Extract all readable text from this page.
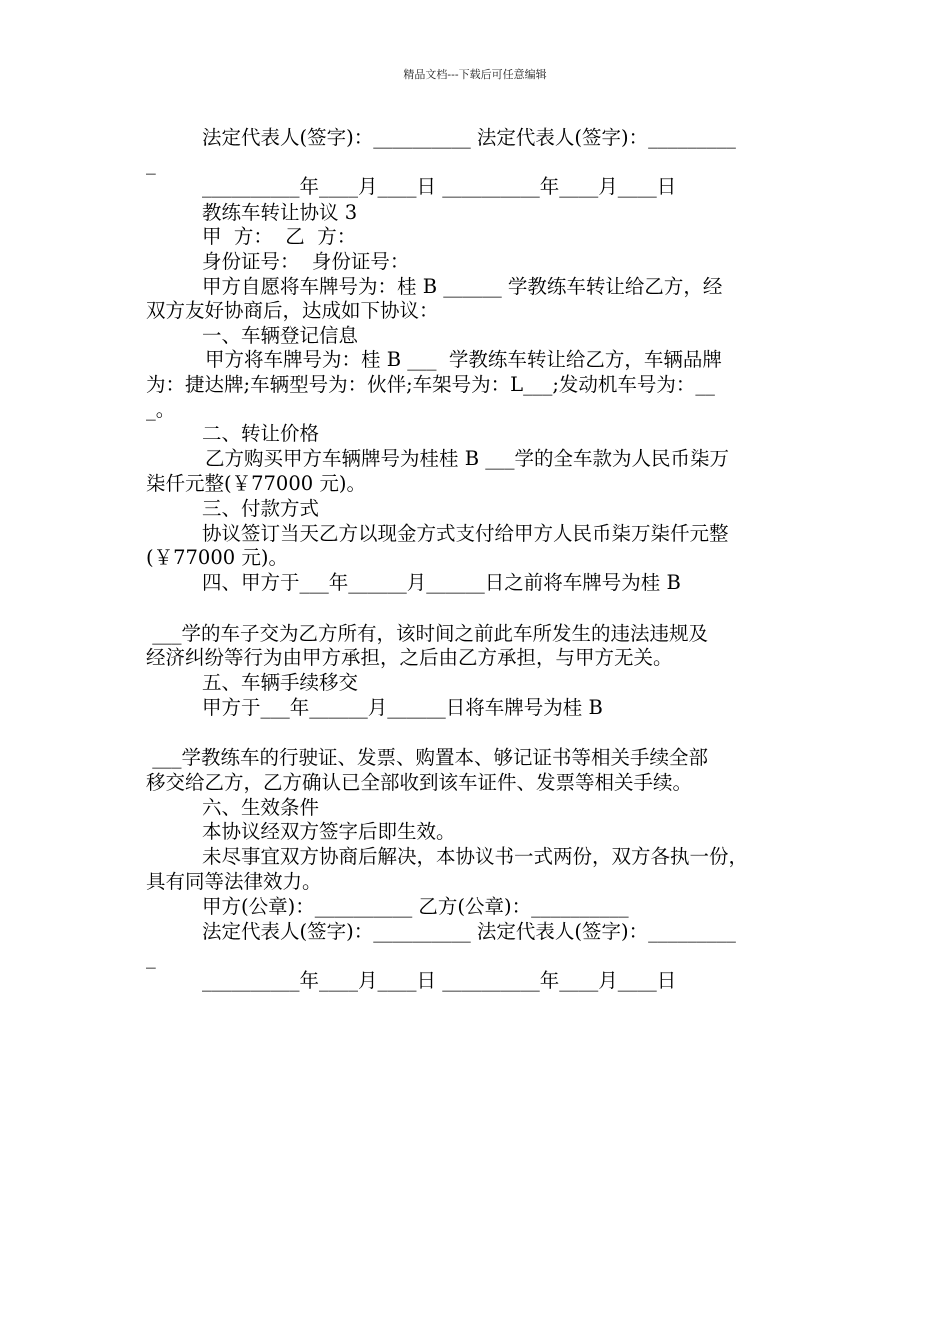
精品文档---下载后可任意编辑
法定代表人(签字)：__________ 法定代表人(签字)：_________
_
__________年____月____日 __________年____月____日
教练车转让协议 3
甲  方：  乙  方：
身份证号：  身份证号：
甲方自愿将车牌号为：桂 B ______ 学教练车转让给乙方，经
双方友好协商后，达成如下协议：
一、车辆登记信息
甲方将车牌号为：桂 B ___  学教练车转让给乙方，车辆品牌
为：捷达牌;车辆型号为：伙伴;车架号为：L___;发动机车号为：__
_。
二、转让价格
乙方购买甲方车辆牌号为桂桂 B ___学的全车款为人民币柒万
柒仟元整(￥77000 元)。
三、付款方式
协议签订当天乙方以现金方式支付给甲方人民币柒万柒仟元整
(￥77000 元)。
四、甲方于___年______月______日之前将车牌号为桂 B
___学的车子交为乙方所有，该时间之前此车所发生的违法违规及
经济纠纷等行为由甲方承担，之后由乙方承担，与甲方无关。
五、车辆手续移交
甲方于___年______月______日将车牌号为桂 B
___学教练车的行驶证、发票、购置本、够记证书等相关手续全部
移交给乙方，乙方确认已全部收到该车证件、发票等相关手续。
六、生效条件
本协议经双方签字后即生效。
未尽事宜双方协商后解决，本协议书一式两份，双方各执一份，
具有同等法律效力。
甲方(公章)：__________ 乙方(公章)：__________
法定代表人(签字)：__________ 法定代表人(签字)：_________
_
__________年____月____日 __________年____月____日
